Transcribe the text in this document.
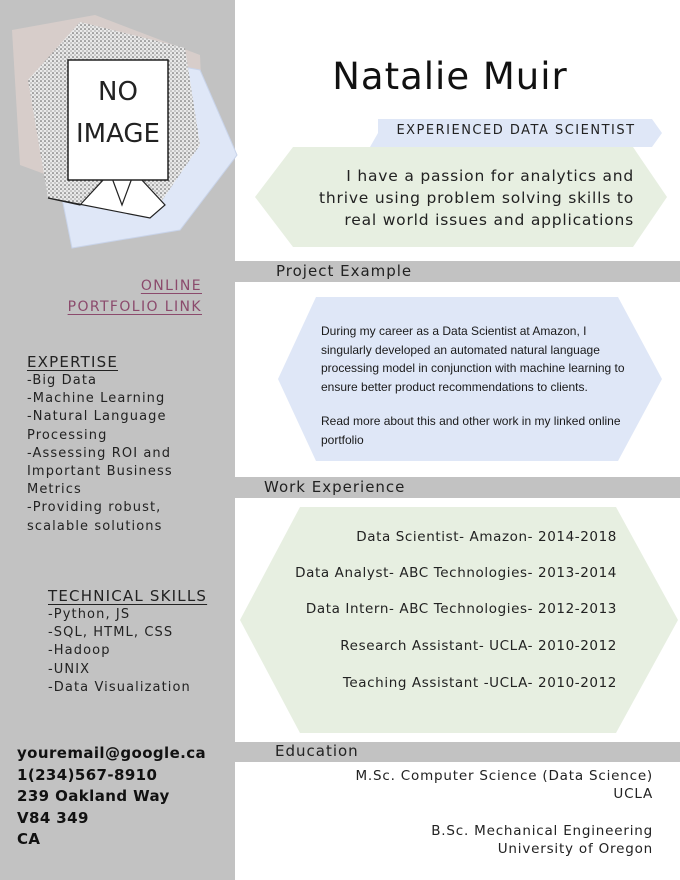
NO
IMAGE
ONLINE
PORTFOLIO LINK
EXPERTISE
-Big Data
-Machine Learning
-Natural Language
Processing
-Assessing ROI and
Important Business
Metrics
-Providing robust,
scalable solutions
TECHNICAL SKILLS
-Python, JS
-SQL, HTML, CSS
-Hadoop
-UNIX
-Data Visualization
youremail@google.ca
1(234)567-8910
239 Oakland Way
V84 349
CA
Natalie Muir
EXPERIENCED DATA SCIENTIST
I have a passion for analytics and
thrive using problem solving skills to
real world issues and applications
Project Example

During my career as a Data Scientist at Amazon, I
singularly developed an automated natural language
processing model in conjunction with machine learning to
ensure better product recommendations to clients.

Read more about this and other work in my linked online
portfolio

Work Experience
Data Scientist- Amazon- 2014-2018
Data Analyst- ABC Technologies- 2013-2014
Data Intern- ABC Technologies- 2012-2013
Research Assistant- UCLA- 2010-2012
Teaching Assistant -UCLA- 2010-2012
Education
M.Sc. Computer Science (Data Science)
UCLA
B.Sc. Mechanical Engineering
University of Oregon
